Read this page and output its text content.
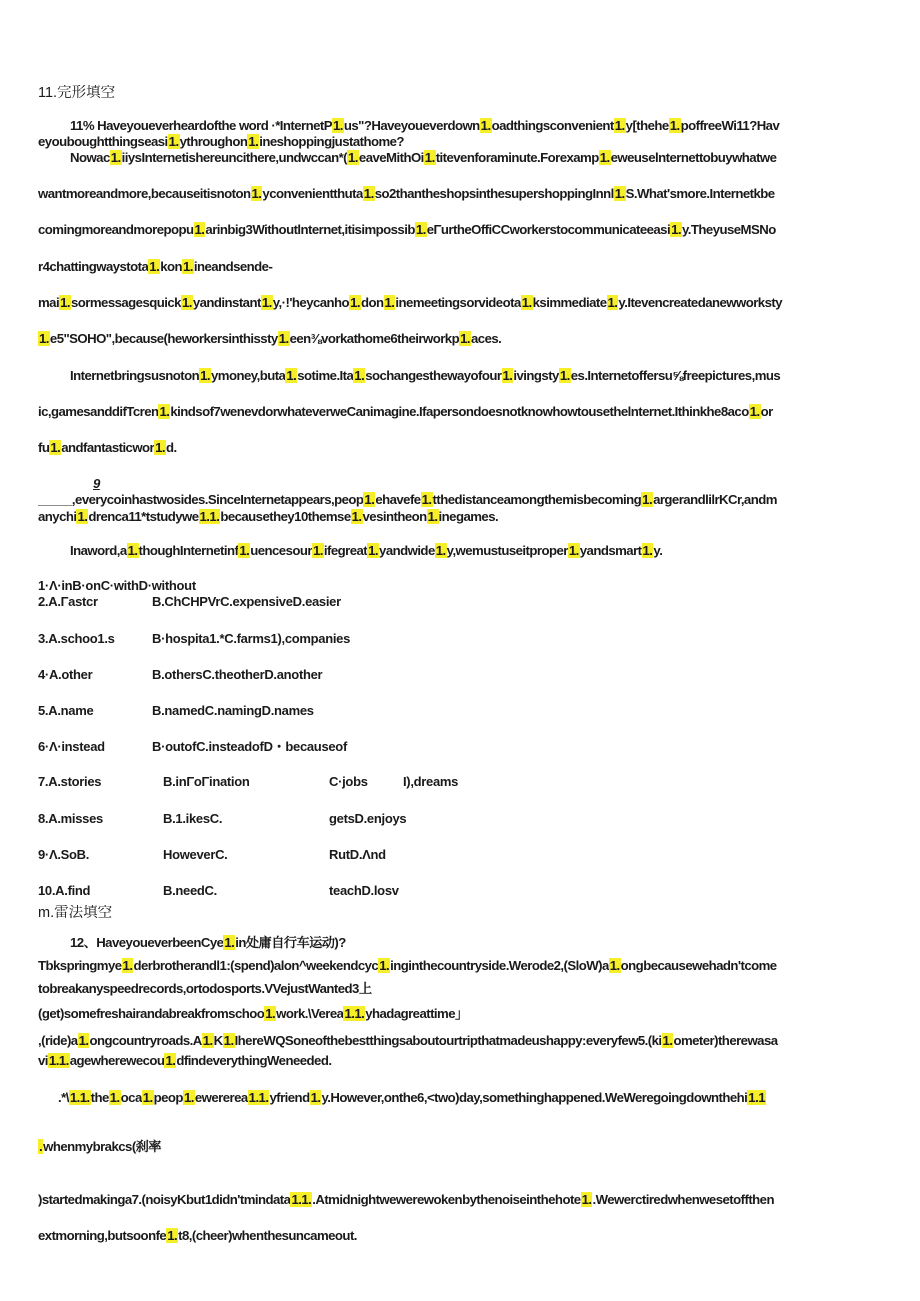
11.完形填空
11% Haveyoueverheardofthe word ·*InternetP1.us"?Haveyoueverdown1.oadthingsconvenient1.y[thehe1.poffreeWi11?Hav
eyouboughtthingseasi1.ythroughon1.ineshoppingjustathome?
Nowac1.iiysInternetishereuncithere,undwccan*(1.eaveMithOi1.titevenforaminute.Forexamp1.eweuselnternettobuywhatwe
wantmoreandmore,becauseitisnoton1.yconvenientthuta1.so2thantheshopsinthesupershoppingInnl1.S.What'smore.Internetkbe
comingmoreandmorepopu1.arinbig3Withoutlnternet,itisimpossib1.eΓurtheOffiCCworkerstocommunicateeasi1.y.TheyuseMSNo
r4chattingwaystota1.kon1.ineandsende-
mai1.sormessagesquick1.yandinstant1.y,·!'heycanho1.don1.inemeetingsorvideota1.ksimmediate1.y.Itevencreatedanewworksty
1.e5"SOHO",because(heworkersinthissty1.een⅜vorkathome6theirworkp1.aces.
Internetbringsusnoton1.ymoney,buta1.sotime.Ita1.sochangesthewayofour1.ivingsty1.es.Internetoffersu⅝freepictures,mus
ic,gamesanddifTcren1.kindsof7wenevdorwhateverweCanimagine.Ifapersondoesnotknowhowtousethelnternet.Ithinkhe8aco1.or
fu1.andfantasticwor1.d.
9
_____,everycoinhastwosides.SinceInternetappears,peop1.ehavefe1.tthedistanceamongthemisbecoming1.argerandlilrKCr,andm
anychi1.drenca11*tstudywe1.1.becausethey10themse1.vesintheon1.inegames.
Inaword,a1.thoughInternetinf1.uencesour1.ifegreat1.yandwide1.y,wemustuseitproper1.yandsmart1.y.
1·Λ·inB·onC·withD·without
2.A.Γastcr	B.ChCHPVrC.expensiveD.easier
3.A.schoo1.s	B·hospita1.*C.farms1),companies
4·A.other	B.othersC.theotherD.another
5.A.name	B.namedC.namingD.names
6·Λ·instead	B·outofC.insteadofD・becauseof
7.A.stories	B.inΓoΓination	C·jobs	I),dreams
8.A.misses	B.1.ikesC.	getsD.enjoys
9·Λ.SoB.	HoweverC.	RutD.Λnd
10.A.find	B.needC.	teachD.losv
m.雷法填空
12、HaveyoueverbeenCye1.in处庸自行车运动)?
Tbkspringmye1.derbrotherandl1:(spend)alon^weekendcyc1.inginthecountryside.Werode2,(SloW)a1.ongbecausewehadn'tcome
tobreakanyspeedrecords,ortodosports.VVejustWanted3上
(get)somefreshairandabreakfromschoo1.work.\Verea1.1.yhadagreattime」
,(ride)a1.ongcountryroads.A1.K1.IhereWQSoneofthebestthingsaboutourtripthatmadeushappy:everyfew5.(ki1.ometer)therewasa
vi1.1.agewherewecou1.dfindeverythingWeneeded.
.*\1.1.the1.oca1.peop1.ewererea1.1.yfriend1.y.However,onthe6,<two)day,somethinghappened.WeWeregoingdownthehi1.1
.whenmybrakcs(刹率
)startedmakinga7.(noisyKbut1didn'tmindata1.1..Atmidnightwewerewokenbythenoiseinthehote1..Wewerctiredwhenwesetoffthen
extmorning,butsoonfe1.t8,(cheer)whenthesuncameout.
